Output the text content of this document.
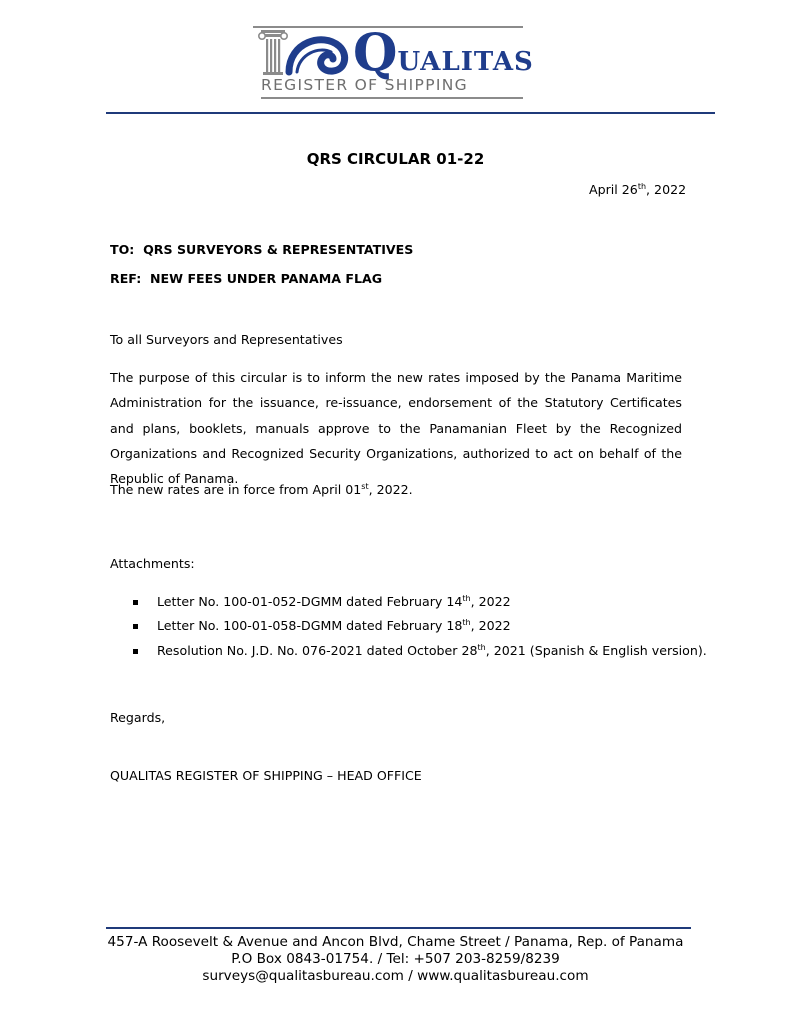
QUALITAS
REGISTER OF SHIPPING
QRS CIRCULAR 01-22
April 26th, 2022
TO:  QRS SURVEYORS & REPRESENTATIVES
REF:  NEW FEES UNDER PANAMA FLAG
To all Surveyors and Representatives
The purpose of this circular is to inform the new rates imposed by the Panama Maritime Administration for the issuance, re-issuance, endorsement of the Statutory Certificates and plans, booklets, manuals approve to the Panamanian Fleet by the Recognized Organizations and Recognized Security Organizations, authorized to act on behalf of the Republic of Panama.
The new rates are in force from April 01st, 2022.
Attachments:
Letter No. 100-01-052-DGMM dated February 14th, 2022
Letter No. 100-01-058-DGMM dated February 18th, 2022
Resolution No. J.D. No. 076-2021 dated October 28th, 2021 (Spanish & English version).
Regards,
QUALITAS REGISTER OF SHIPPING – HEAD OFFICE
457-A Roosevelt & Avenue and Ancon Blvd, Chame Street / Panama, Rep. of Panama
P.O Box 0843-01754. / Tel: +507 203-8259/8239
surveys@qualitasbureau.com / www.qualitasbureau.com
